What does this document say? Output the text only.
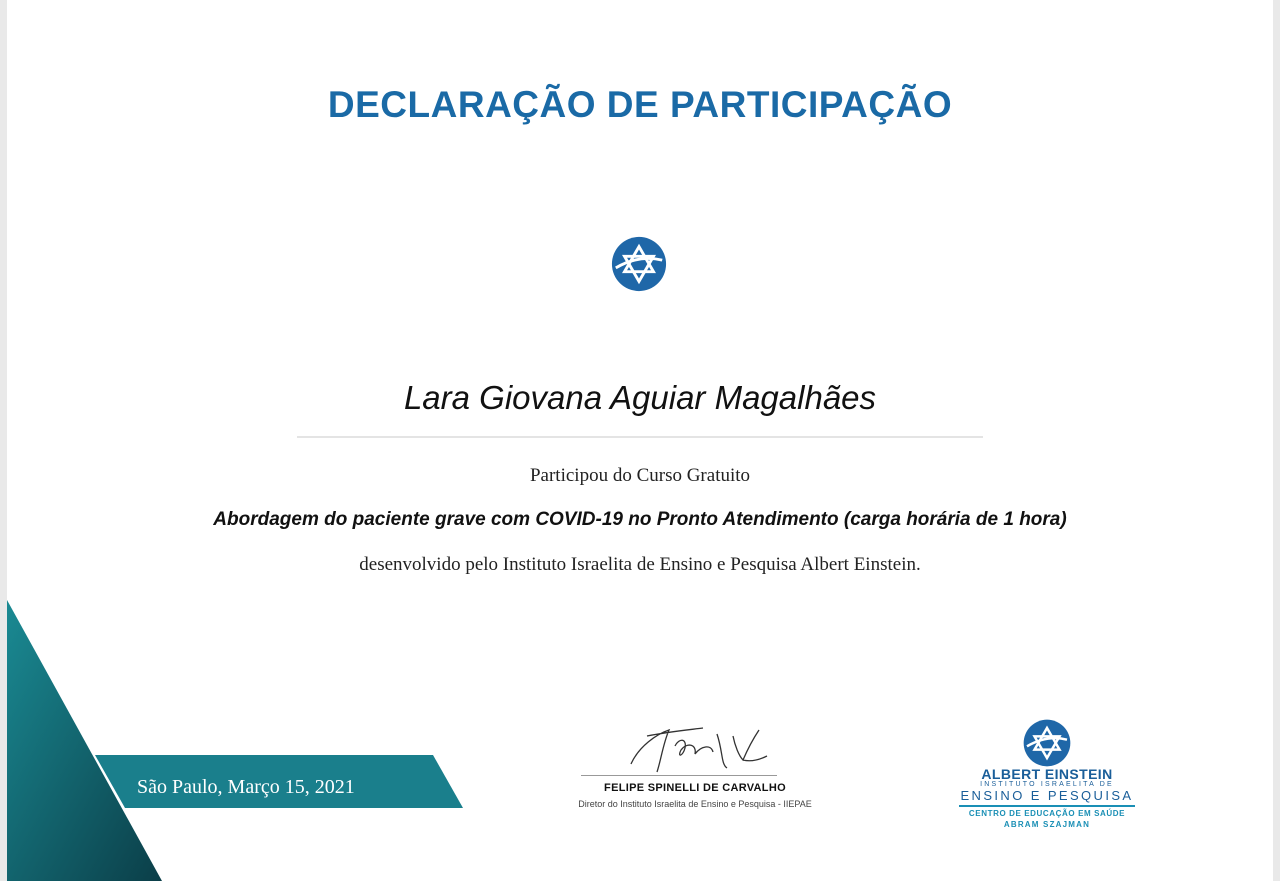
DECLARAÇÃO DE PARTICIPAÇÃO
Lara Giovana Aguiar Magalhães
Participou do Curso Gratuito
Abordagem do paciente grave com COVID-19 no Pronto Atendimento (carga horária de 1 hora)
desenvolvido pelo Instituto Israelita de Ensino e Pesquisa Albert Einstein.
São Paulo, Março 15, 2021	FELIPE SPINELLI DE CARVALHO
Diretor do Instituto Israelita de Ensino e Pesquisa - IIEPAE
ALBERT EINSTEIN
INSTITUTO ISRAELITA DE
ENSINO E PESQUISA
CENTRO DE EDUCAÇÃO EM SAÚDE
ABRAM SZAJMAN
